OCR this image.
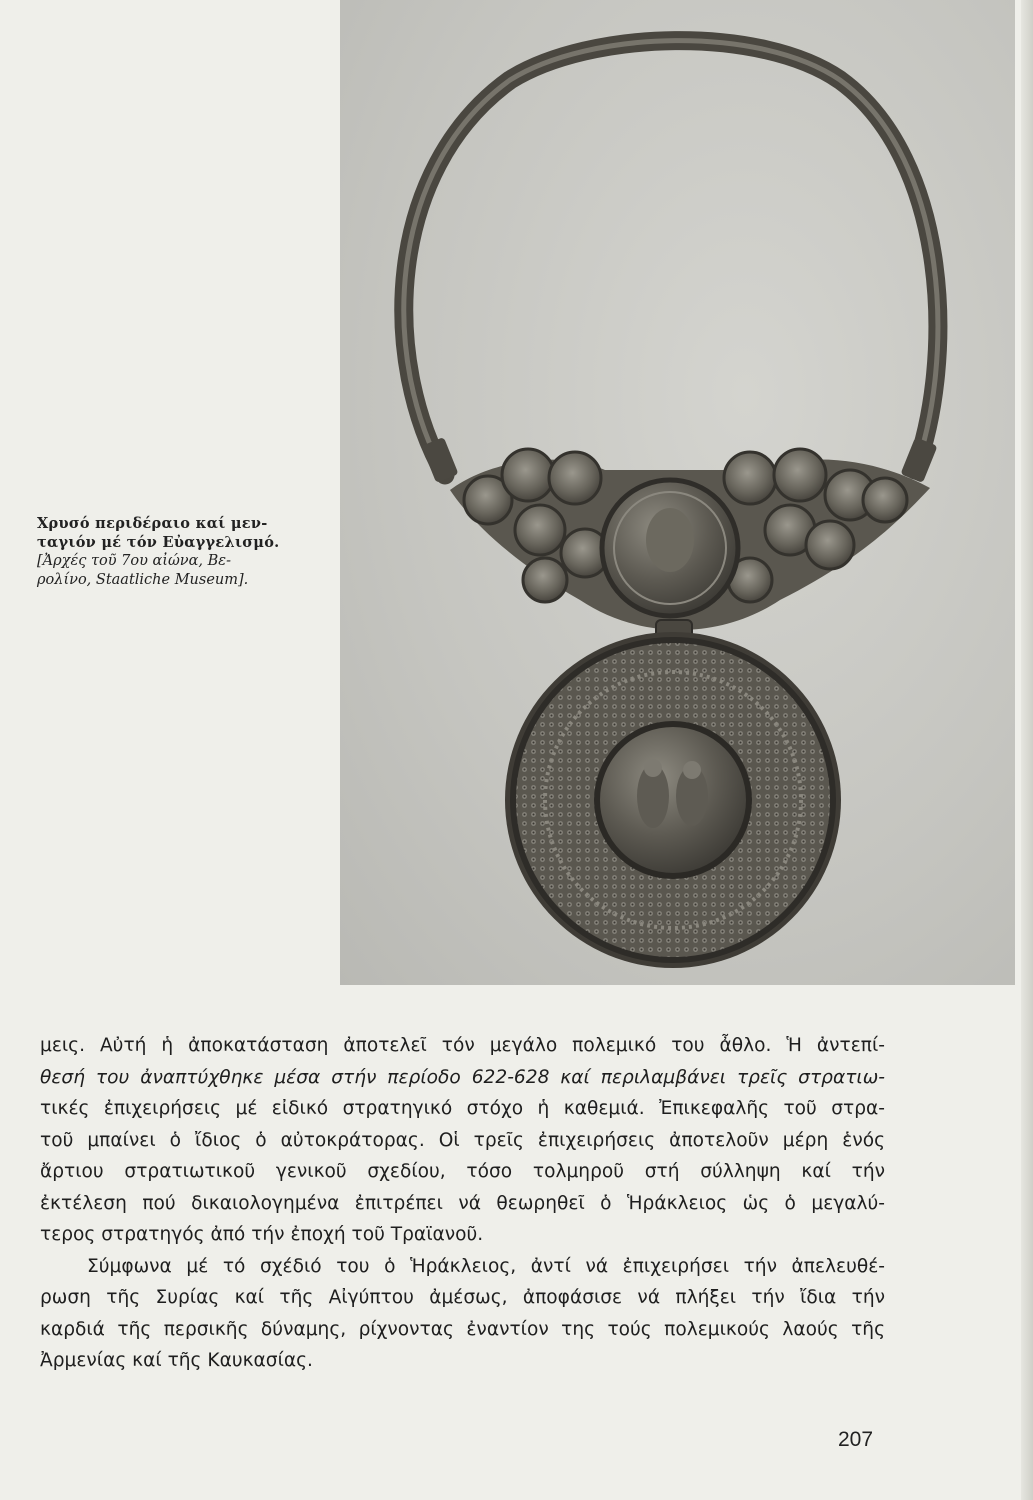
Χρυσό περιδέραιο καί μεν-
ταγιόν μέ τόν Εὐαγγελισμό.
[Ἀρχές τοῦ 7ου αἰώνα, Βε-
ρολίνο, Staatliche Museum].

μεις. Αὐτή ἡ ἀποκατάσταση ἀποτελεῖ τόν μεγάλο πολεμικό του ἆθλο. Ἡ ἀντεπί-
θεσή του ἀναπτύχθηκε μέσα στήν περίοδο 622-628 καί περιλαμβάνει τρεῖς στρατιω-
τικές ἐπιχειρήσεις μέ εἰδικό στρατηγικό στόχο ἡ καθεμιά. Ἐπικεφαλῆς τοῦ στρα-
τοῦ μπαίνει ὁ ἴδιος ὁ αὐτοκράτορας. Οἱ τρεῖς ἐπιχειρήσεις ἀποτελοῦν μέρη ἑνός
ἄρτιου στρατιωτικοῦ γενικοῦ σχεδίου, τόσο τολμηροῦ στή σύλληψη καί τήν
ἐκτέλεση πού δικαιολογημένα ἐπιτρέπει νά θεωρηθεῖ ὁ Ἡράκλειος ὡς ὁ μεγαλύ-
τερος στρατηγός ἀπό τήν ἐποχή τοῦ Τραϊανοῦ.
Σύμφωνα μέ τό σχέδιό του ὁ Ἡράκλειος, ἀντί νά ἐπιχειρήσει τήν ἀπελευθέ-
ρωση τῆς Συρίας καί τῆς Αἰγύπτου ἀμέσως, ἀποφάσισε νά πλήξει τήν ἴδια τήν
καρδιά τῆς περσικῆς δύναμης, ρίχνοντας ἐναντίον της τούς πολεμικούς λαούς τῆς
Ἀρμενίας καί τῆς Καυκασίας.
207
